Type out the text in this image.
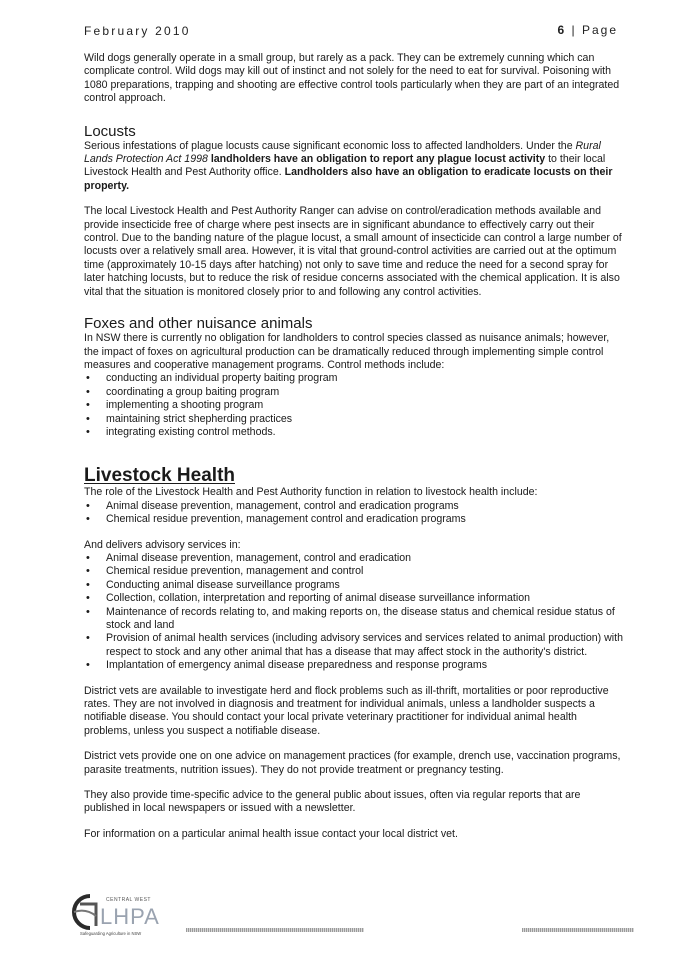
February 2010	6 | Page

Wild dogs generally operate in a small group, but rarely as a pack. They can be extremely cunning which can complicate control. Wild dogs may kill out of instinct and not solely for the need to eat for survival. Poisoning with 1080 preparations, trapping and shooting are effective control tools particularly when they are part of an integrated control approach.

Locusts

Serious infestations of plague locusts cause significant economic loss to affected landholders. Under the Rural Lands Protection Act 1998 landholders have an obligation to report any plague locust activity to their local Livestock Health and Pest Authority office. Landholders also have an obligation to eradicate locusts on their property.

The local Livestock Health and Pest Authority Ranger can advise on control/eradication methods available and provide insecticide free of charge where pest insects are in significant abundance to effectively carry out their control. Due to the banding nature of the plague locust, a small amount of insecticide can control a large number of locusts over a relatively small area. However, it is vital that ground-control activities are carried out at the optimum time (approximately 10-15 days after hatching) not only to save time and reduce the need for a second spray for later hatching locusts, but to reduce the risk of residue concerns associated with the chemical application. It is also vital that the situation is monitored closely prior to and following any control activities.

Foxes and other nuisance animals

In NSW there is currently no obligation for landholders to control species classed as nuisance animals; however, the impact of foxes on agricultural production can be dramatically reduced through implementing simple control measures and cooperative management programs. Control methods include:

• conducting an individual property baiting program
• coordinating a group baiting program
• implementing a shooting program
• maintaining strict shepherding practices
• integrating existing control methods.
Livestock Health

The role of the Livestock Health and Pest Authority function in relation to livestock health include:

• Animal disease prevention, management, control and eradication programs
• Chemical residue prevention, management control and eradication programs

And delivers advisory services in:

• Animal disease prevention, management, control and eradication
• Chemical residue prevention, management and control
• Conducting animal disease surveillance programs
• Collection, collation, interpretation and reporting of animal disease surveillance information
• Maintenance of records relating to, and making reports on, the disease status and chemical residue status of stock and land
• Provision of animal health services (including advisory services and services related to animal production) with respect to stock and any other animal that has a disease that may affect stock in the authority's district.
• Implantation of emergency animal disease preparedness and response programs

District vets are available to investigate herd and flock problems such as ill-thrift, mortalities or poor reproductive rates. They are not involved in diagnosis and treatment for individual animals, unless a landholder suspects a notifiable disease. You should contact your local private veterinary practitioner for individual animal health problems, unless you suspect a notifiable disease.

District vets provide one on one advice on management practices (for example, drench use, vaccination programs, parasite treatments, nutrition issues). They do not provide treatment or pregnancy testing.

They also provide time-specific advice to the general public about issues, often via regular reports that are published in local newspapers or issued with a newsletter.

For information on a particular animal health issue contact your local district vet.

CENTRAL WEST
LHPA
Safeguarding Agriculture in NSW
